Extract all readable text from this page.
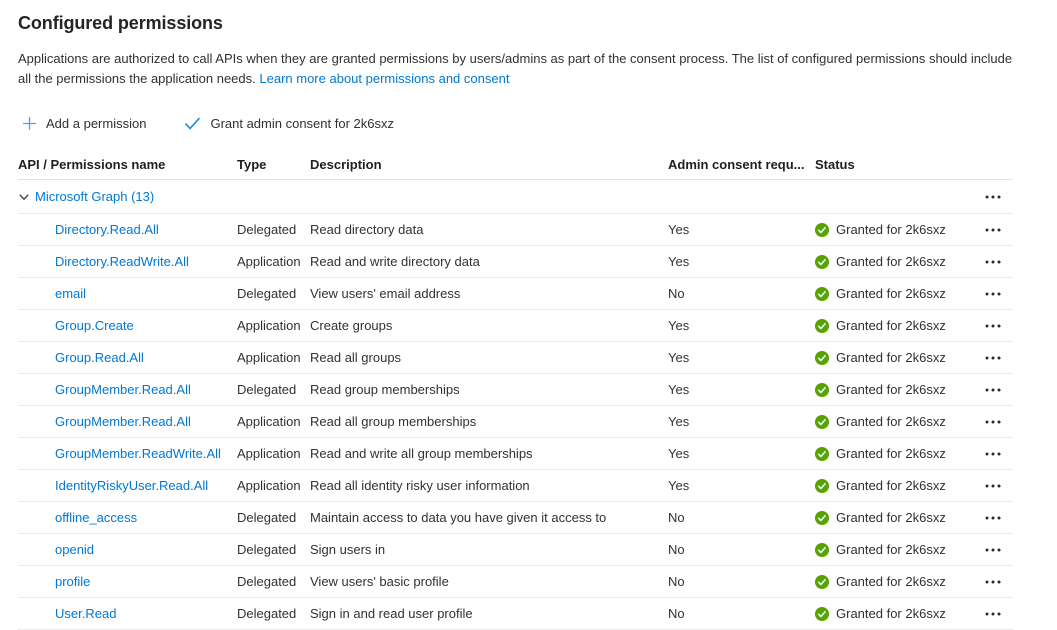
Configured permissions

Applications are authorized to call APIs when they are granted permissions by users/admins as part of the consent process. The list of configured permissions should include all the permissions the application needs. Learn more about permissions and consent

Add a permission	Grant admin consent for 2k6sxz
API / Permissions name	Type	Description	Admin consent requ... Status
Microsoft Graph (13)
Directory.Read.All	Delegated	Read directory data	Yes	Granted for 2k6sxz
Directory.ReadWrite.All	Application Read and write directory data	Yes	Granted for 2k6sxz
email	Delegated	View users' email address	No	Granted for 2k6sxz
Group.Create	Application Create groups	Yes	Granted for 2k6sxz
Group.Read.All	Application Read all groups	Yes	Granted for 2k6sxz
GroupMember.Read.All	Delegated	Read group memberships	Yes	Granted for 2k6sxz
GroupMember.Read.All	Application Read all group memberships	Yes	Granted for 2k6sxz
GroupMember.ReadWrite.All	Application Read and write all group memberships	Yes	Granted for 2k6sxz
IdentityRiskyUser.Read.All	Application Read all identity risky user information	Yes	Granted for 2k6sxz
offline_access	Delegated	Maintain access to data you have given it access to	No	Granted for 2k6sxz
openid	Delegated	Sign users in	No	Granted for 2k6sxz
profile	Delegated	View users' basic profile	No	Granted for 2k6sxz
User.Read	Delegated	Sign in and read user profile	No	Granted for 2k6sxz
